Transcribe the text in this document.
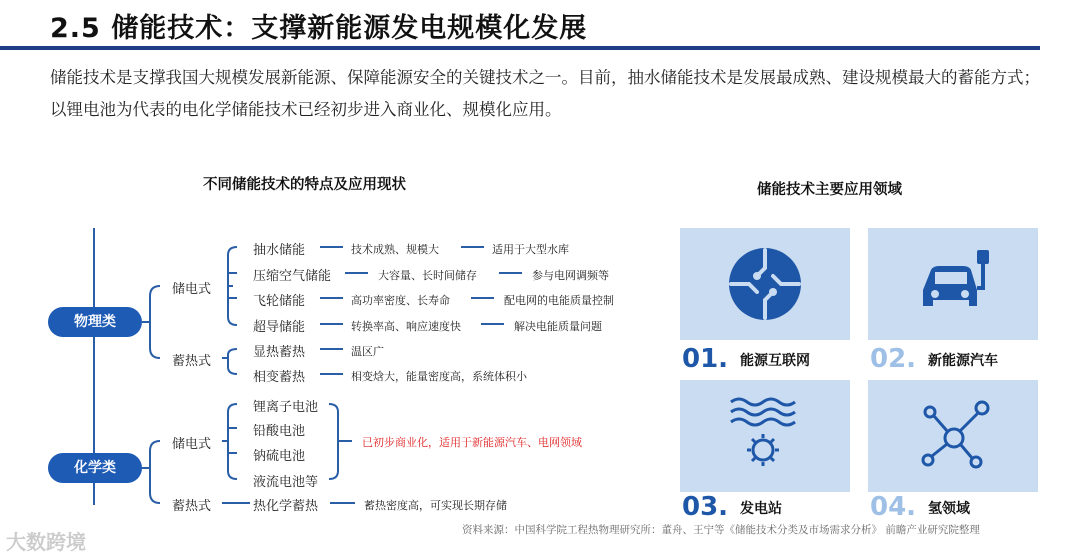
2.5 储能技术：支撑新能源发电规模化发展
储能技术是支撑我国大规模发展新能源、保障能源安全的关键技术之一。目前，抽水储能技术是发展最成熟、建设规模最大的蓄能方式；以锂电池为代表的电化学储能技术已经初步进入商业化、规模化应用。
不同储能技术的特点及应用现状
物理类
化学类
储电式
蓄热式
储电式
蓄热式
抽水储能	技术成熟、规模大	适用于大型水库
压缩空气储能	大容量、长时间储存	参与电网调频等
飞轮储能	高功率密度、长寿命	配电网的电能质量控制
超导储能	转换率高、响应速度快	解决电能质量问题
显热蓄热	温区广
相变蓄热	相变焓大，能量密度高，系统体积小
锂离子电池
铅酸电池
钠硫电池
液流电池等
已初步商业化，适用于新能源汽车、电网领域
热化学蓄热	蓄热密度高，可实现长期存储
储能技术主要应用领域
01. 能源互联网 02. 新能源汽车
03. 发电站	04. 氢领域
资料来源：中国科学院工程热物理研究所：董舟、王宁等《储能技术分类及市场需求分析》 前瞻产业研究院整理
大数跨境
